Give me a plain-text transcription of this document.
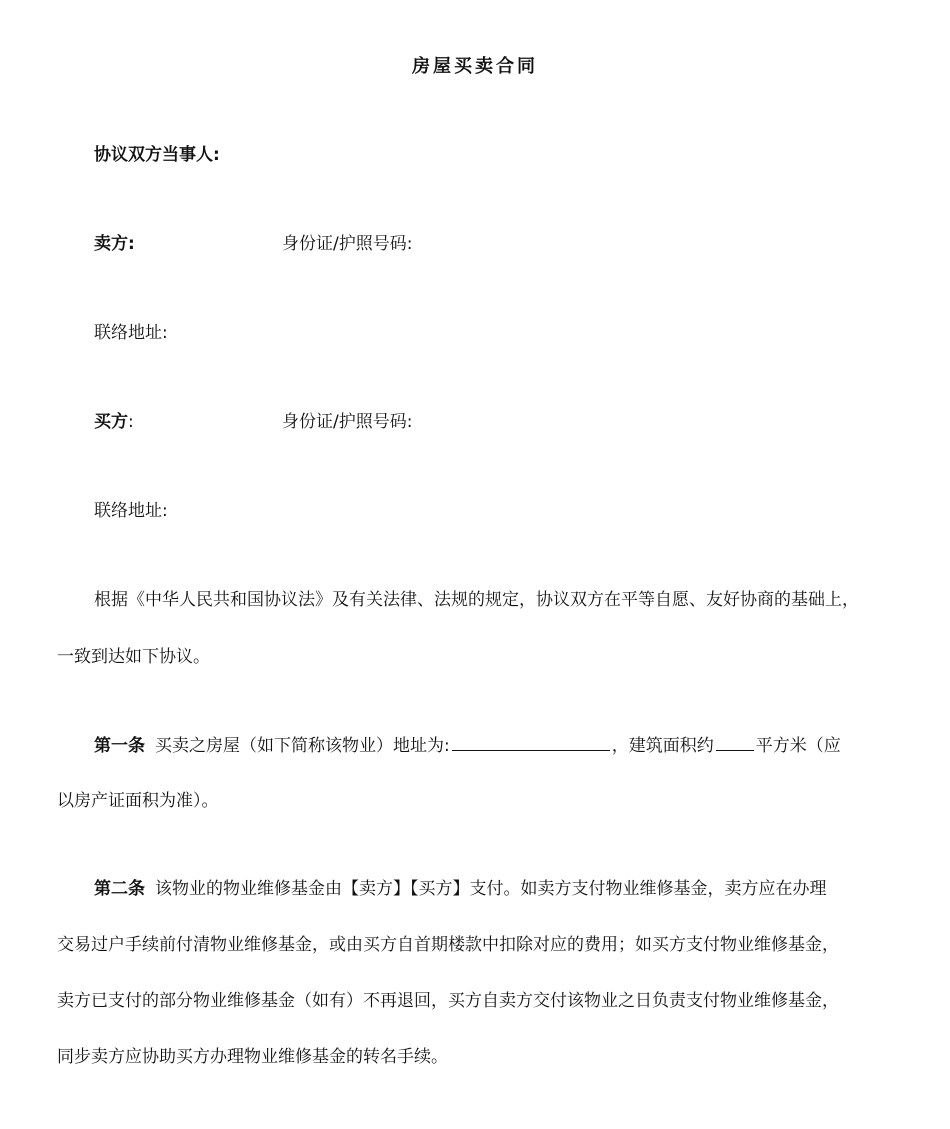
房屋买卖合同
协议双方当事人:
卖方:	身份证/护照号码:
联络地址:
买方:	身份证/护照号码:
联络地址:
根据《中华人民共和国协议法》及有关法律、法规的规定，协议双方在平等自愿、友好协商的基础上，
一致到达如下协议。
第一条 买卖之房屋（如下简称该物业）地址为:	，建筑面积约 平方米（应
以房产证面积为准）。
第二条 该物业的物业维修基金由【卖方】【买方】支付。如卖方支付物业维修基金，卖方应在办理
交易过户手续前付清物业维修基金，或由买方自首期楼款中扣除对应的费用；如买方支付物业维修基金，
卖方已支付的部分物业维修基金（如有）不再退回，买方自卖方交付该物业之日负责支付物业维修基金，
同步卖方应协助买方办理物业维修基金的转名手续。
